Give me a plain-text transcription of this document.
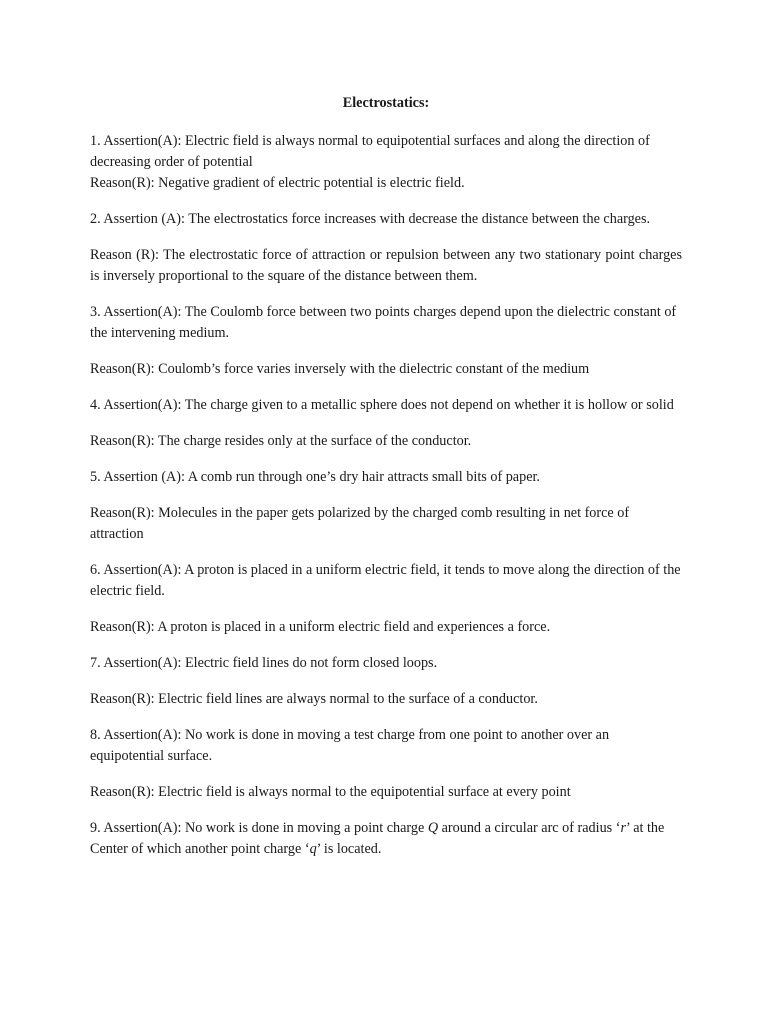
Electrostatics:
1. Assertion(A): Electric field is always normal to equipotential surfaces and along the direction of decreasing order of potential
Reason(R): Negative gradient of electric potential is electric field.
2. Assertion (A): The electrostatics force increases with decrease the distance between the charges.
Reason (R): The electrostatic force of attraction or repulsion between any two stationary point charges is inversely proportional to the square of the distance between them.
3. Assertion(A): The Coulomb force between two points charges depend upon the dielectric constant of the intervening medium.
Reason(R): Coulomb’s force varies inversely with the dielectric constant of the medium
4. Assertion(A): The charge given to a metallic sphere does not depend on whether it is hollow or solid
Reason(R): The charge resides only at the surface of the conductor.
5. Assertion (A): A comb run through one’s dry hair attracts small bits of paper.
Reason(R): Molecules in the paper gets polarized by the charged comb resulting in net force of attraction
6. Assertion(A): A proton is placed in a uniform electric field, it tends to move along the direction of the electric field.
Reason(R): A proton is placed in a uniform electric field and experiences a force.
7. Assertion(A): Electric field lines do not form closed loops.
Reason(R): Electric field lines are always normal to the surface of a conductor.
8. Assertion(A): No work is done in moving a test charge from one point to another over an equipotential surface.
Reason(R): Electric field is always normal to the equipotential surface at every point
9. Assertion(A): No work is done in moving a point charge Q around a circular arc of radius ‘r’ at the Center of which another point charge ‘q’ is located.
